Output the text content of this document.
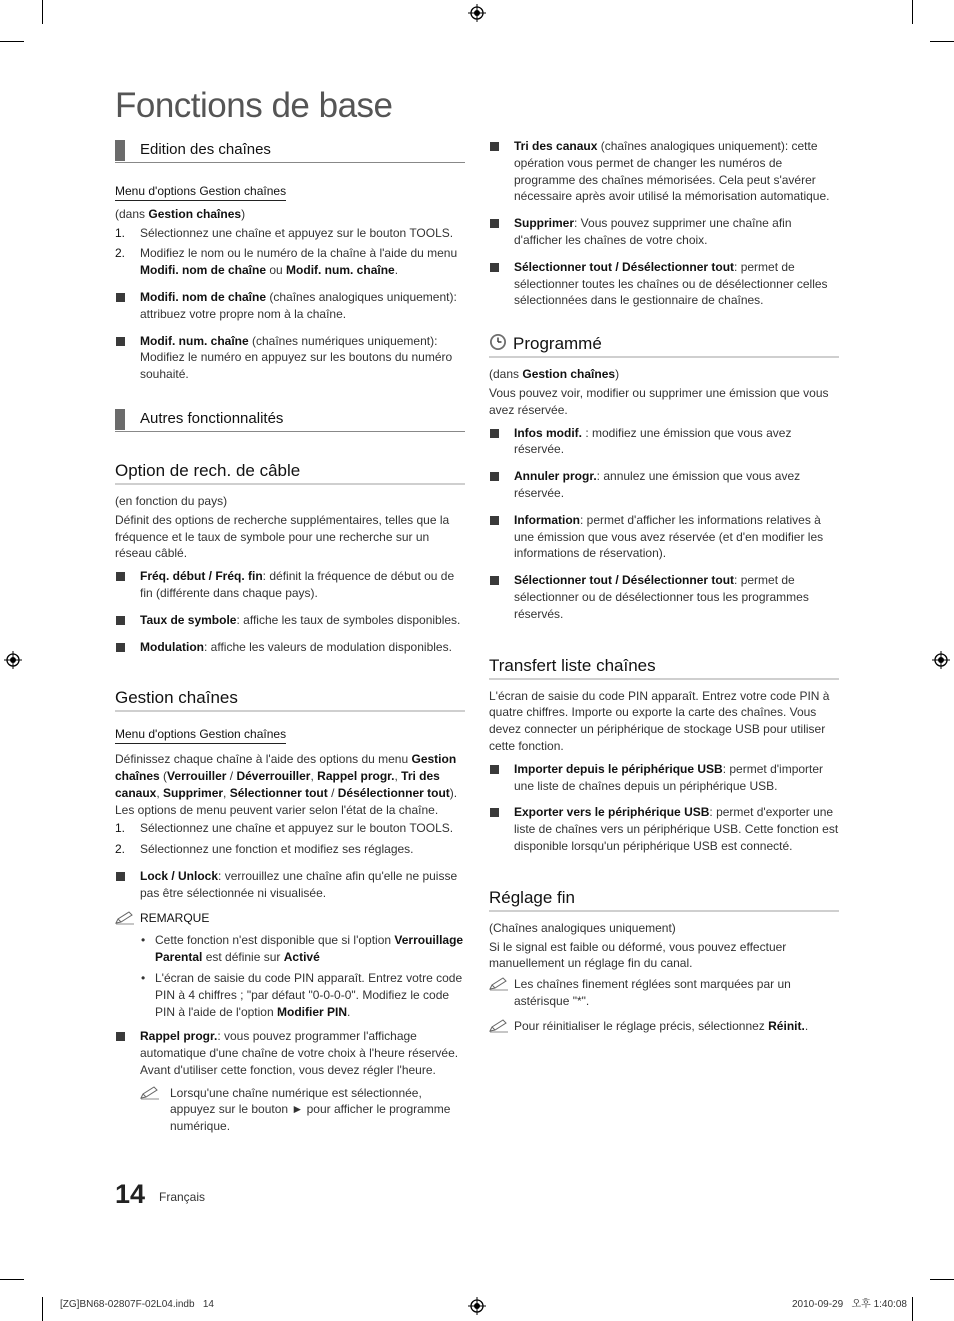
Fonctions de base
Edition des chaînes
Menu d'options Gestion chaînes

(dans Gestion chaînes)

1. Sélectionnez une chaîne et appuyez sur le bouton TOOLS.
2. Modifiez le nom ou le numéro de la chaîne à l'aide du menu Modifi. nom de chaîne ou Modif. num. chaîne.
Modifi. nom de chaîne (chaînes analogiques uniquement): attribuez votre propre nom à la chaîne.
Modif. num. chaîne (chaînes numériques uniquement): Modifiez le numéro en appuyez sur les boutons du numéro souhaité.
Autres fonctionnalités
Option de rech. de câble

(en fonction du pays)

Définit des options de recherche supplémentaires, telles que la fréquence et le taux de symbole pour une recherche sur un réseau câblé.

Fréq. début / Fréq. fin: définit la fréquence de début ou de fin (différente dans chaque pays).
Taux de symbole: affiche les taux de symboles disponibles.
Modulation: affiche les valeurs de modulation disponibles.
Gestion chaînes
Menu d'options Gestion chaînes

Définissez chaque chaîne à l'aide des options du menu Gestion chaînes (Verrouiller / Déverrouiller, Rappel progr., Tri des canaux, Supprimer, Sélectionner tout / Désélectionner tout). Les options de menu peuvent varier selon l'état de la chaîne.

1. Sélectionnez une chaîne et appuyez sur le bouton TOOLS.
2. Sélectionnez une fonction et modifiez ses réglages.
Lock / Unlock: verrouillez une chaîne afin qu'elle ne puisse pas être sélectionnée ni visualisée.
REMARQUE
• Cette fonction n'est disponible que si l'option Verrouillage Parental est définie sur Activé
• L'écran de saisie du code PIN apparaît. Entrez votre code PIN à 4 chiffres ; "par défaut "0-0-0-0". Modifiez le code PIN à l'aide de l'option Modifier PIN.
Rappel progr.: vous pouvez programmer l'affichage automatique d'une chaîne de votre choix à l'heure réservée. Avant d'utiliser cette fonction, vous devez régler l'heure.
Lorsqu'une chaîne numérique est sélectionnée, appuyez sur le bouton ► pour afficher le programme numérique.
Tri des canaux (chaînes analogiques uniquement): cette opération vous permet de changer les numéros de programme des chaînes mémorisées. Cela peut s'avérer nécessaire après avoir utilisé la mémorisation automatique.
Supprimer: Vous pouvez supprimer une chaîne afin d'afficher les chaînes de votre choix.
Sélectionner tout / Désélectionner tout: permet de sélectionner toutes les chaînes ou de désélectionner celles sélectionnées dans le gestionnaire de chaînes.
Programmé

(dans Gestion chaînes)

Vous pouvez voir, modifier ou supprimer une émission que vous avez réservée.

Infos modif. : modifiez une émission que vous avez réservée.
Annuler progr.: annulez une émission que vous avez réservée.
Information: permet d'afficher les informations relatives à une émission que vous avez réservée (et d'en modifier les informations de réservation).
Sélectionner tout / Désélectionner tout: permet de sélectionner ou de désélectionner tous les programmes réservés.
Transfert liste chaînes

L'écran de saisie du code PIN apparaît. Entrez votre code PIN à quatre chiffres. Importe ou exporte la carte des chaînes. Vous devez connecter un périphérique de stockage USB pour utiliser cette fonction.

Importer depuis le périphérique USB: permet d'importer une liste de chaînes depuis un périphérique USB.
Exporter vers le périphérique USB: permet d'exporter une liste de chaînes vers un périphérique USB. Cette fonction est disponible lorsqu'un périphérique USB est connecté.
Réglage fin

(Chaînes analogiques uniquement)

Si le signal est faible ou déformé, vous pouvez effectuer manuellement un réglage fin du canal.

Les chaînes finement réglées sont marquées par un astérisque "*".
Pour réinitialiser le réglage précis, sélectionnez Réinit..
14 Français
[ZG]BN68-02807F-02L04.indb   14	2010-09-29   오후 1:40:08
